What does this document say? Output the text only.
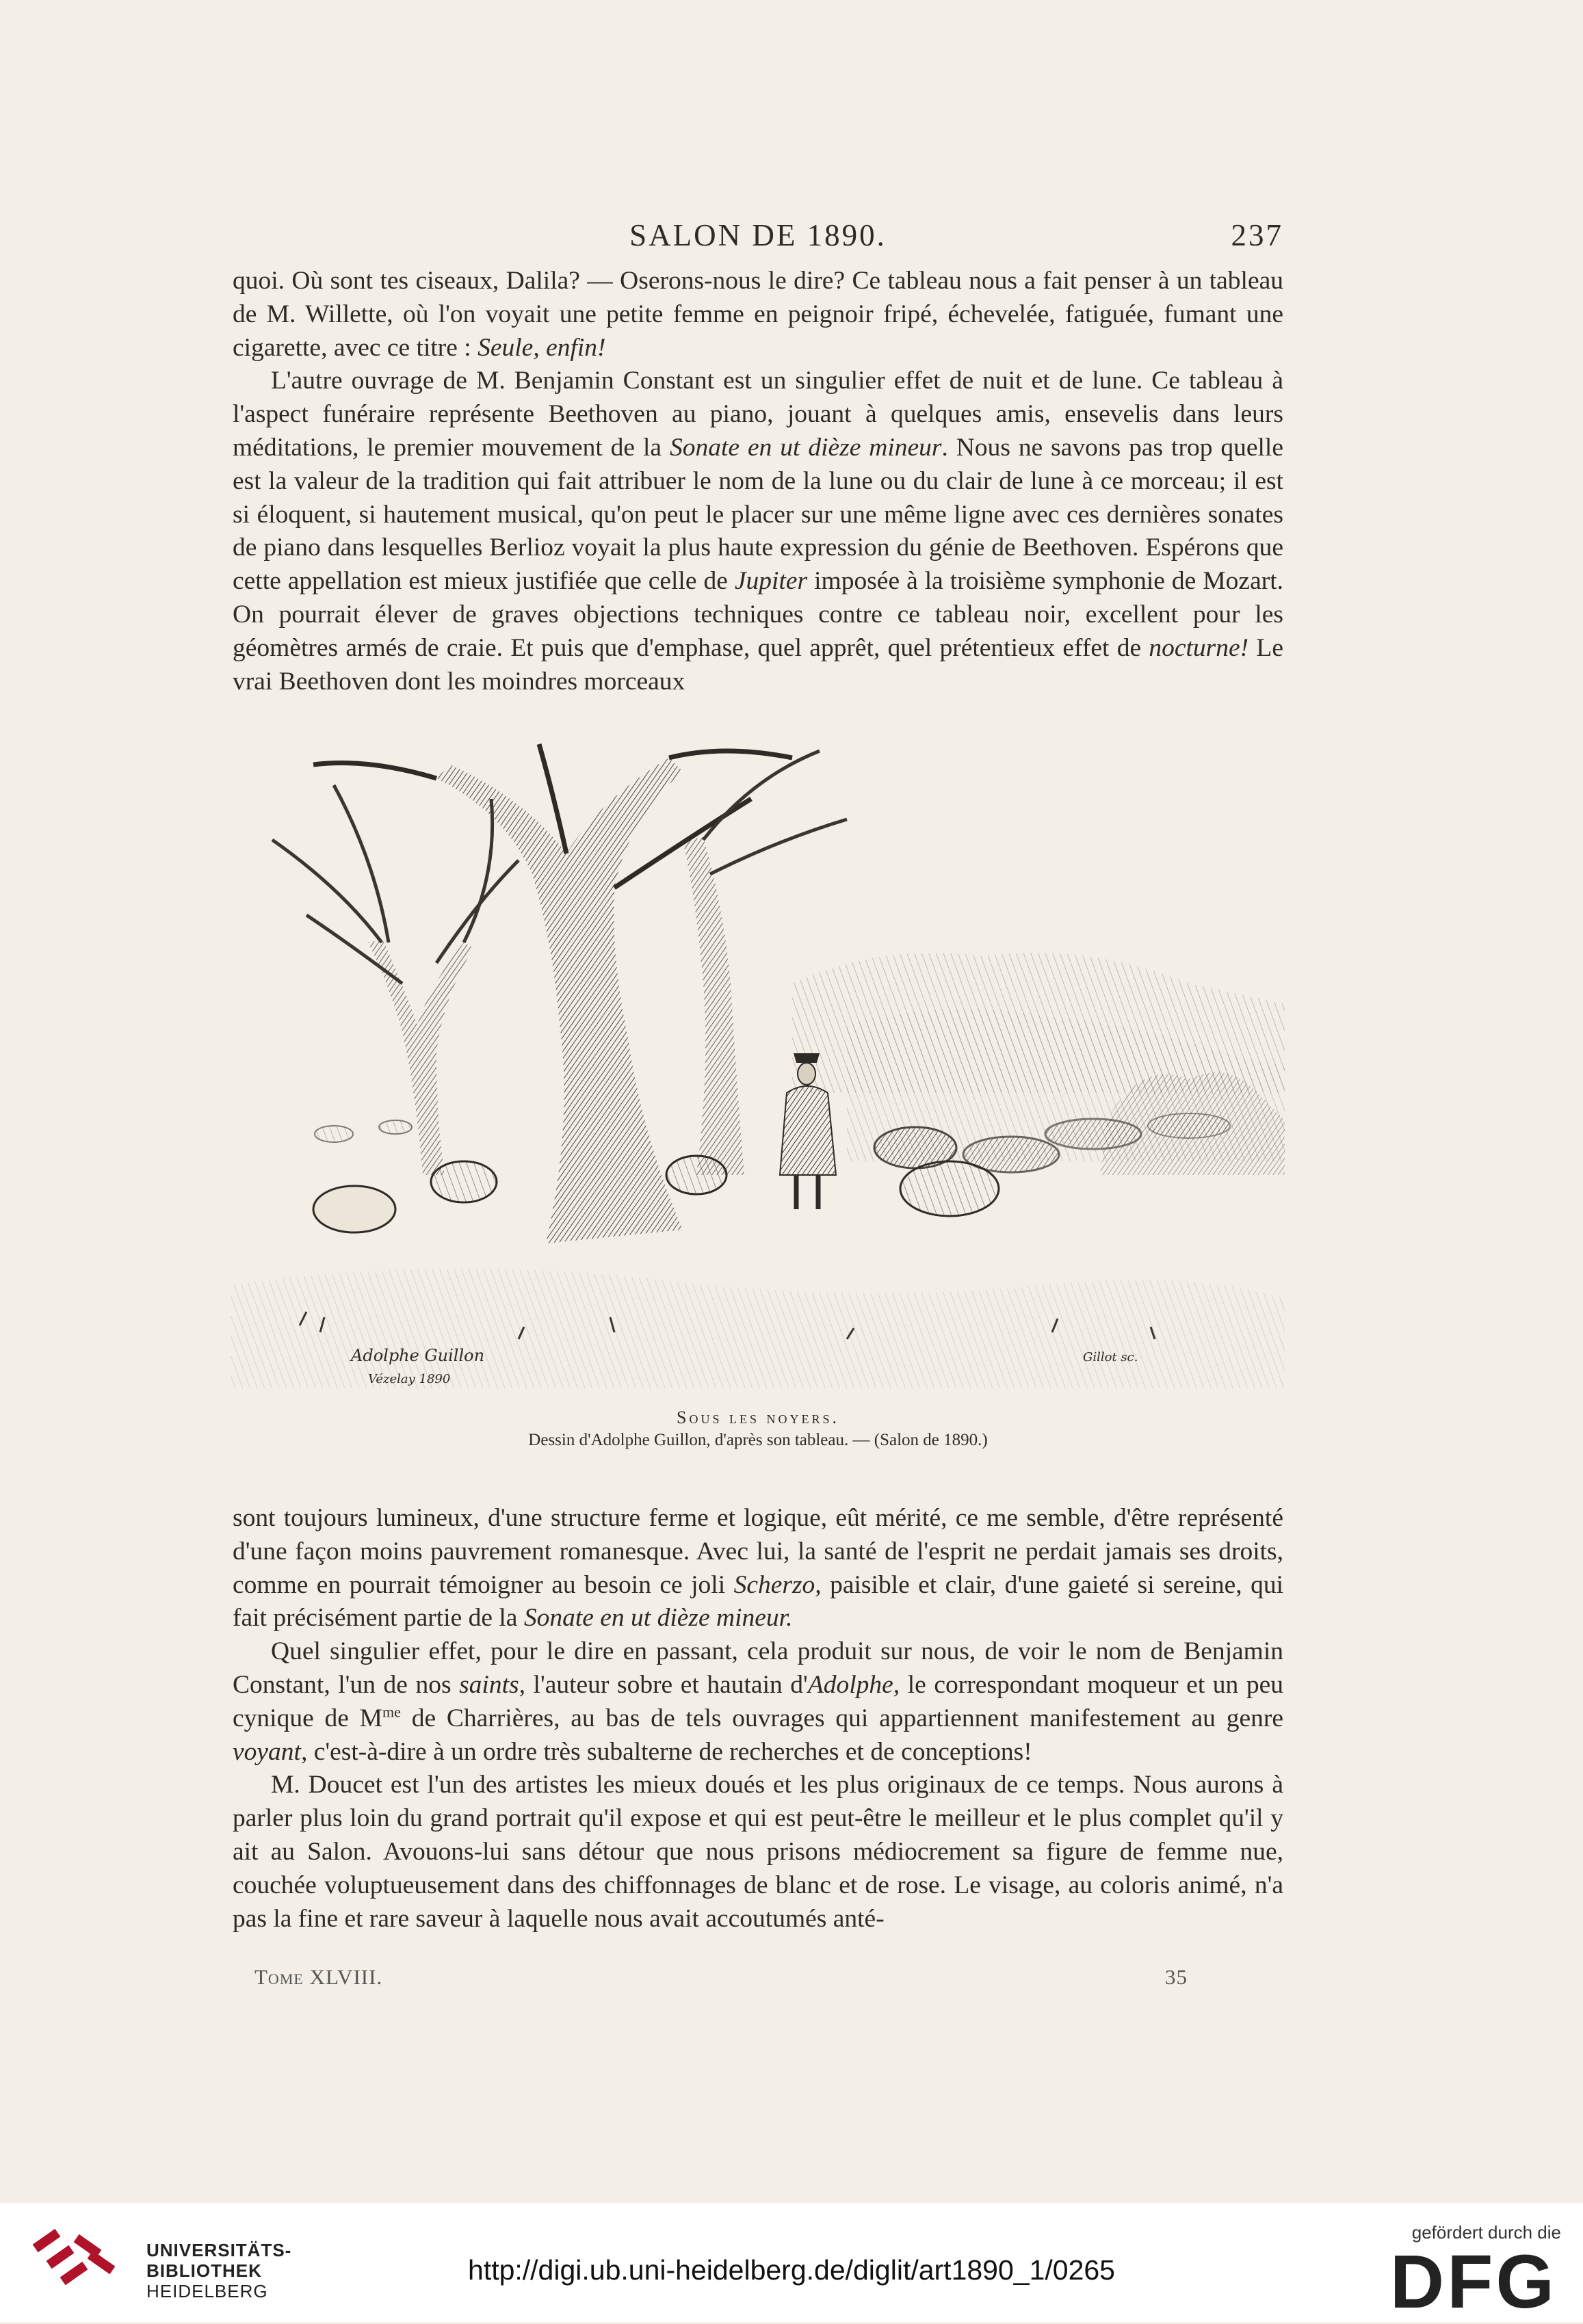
SALON DE 1890.	237

quoi. Où sont tes ciseaux, Dalila? — Oserons-nous le dire? Ce tableau nous a fait penser à un tableau de M. Willette, où l'on voyait une petite femme en peignoir fripé, échevelée, fatiguée, fumant une cigarette, avec ce titre : Seule, enfin!

L'autre ouvrage de M. Benjamin Constant est un singulier effet de nuit et de lune. Ce tableau à l'aspect funéraire représente Beethoven au piano, jouant à quelques amis, ensevelis dans leurs méditations, le premier mouvement de la Sonate en ut dièze mineur. Nous ne savons pas trop quelle est la valeur de la tradition qui fait attribuer le nom de la lune ou du clair de lune à ce morceau; il est si éloquent, si hautement musical, qu'on peut le placer sur une même ligne avec ces dernières sonates de piano dans lesquelles Berlioz voyait la plus haute expression du génie de Beethoven. Espérons que cette appellation est mieux justifiée que celle de Jupiter imposée à la troisième symphonie de Mozart. On pourrait élever de graves objections techniques contre ce tableau noir, excellent pour les géomètres armés de craie. Et puis que d'emphase, quel apprêt, quel prétentieux effet de nocturne! Le vrai Beethoven dont les moindres morceaux

Adolphe Guillon
Vézelay 1890
Gillot sc.
Sous les noyers.
Dessin d'Adolphe Guillon, d'après son tableau. — (Salon de 1890.)

sont toujours lumineux, d'une structure ferme et logique, eût mérité, ce me semble, d'être représenté d'une façon moins pauvrement romanesque. Avec lui, la santé de l'esprit ne perdait jamais ses droits, comme en pourrait témoigner au besoin ce joli Scherzo, paisible et clair, d'une gaieté si sereine, qui fait précisément partie de la Sonate en ut dièze mineur.

Quel singulier effet, pour le dire en passant, cela produit sur nous, de voir le nom de Benjamin Constant, l'un de nos saints, l'auteur sobre et hautain d'Adolphe, le correspondant moqueur et un peu cynique de $M^{me}$ de Charrières, au bas de tels ouvrages qui appartiennent manifestement au genre voyant, c'est-à-dire à un ordre très subalterne de recherches et de conceptions!

M. Doucet est l'un des artistes les mieux doués et les plus originaux de ce temps. Nous aurons à parler plus loin du grand portrait qu'il expose et qui est peut-être le meilleur et le plus complet qu'il y ait au Salon. Avouons-lui sans détour que nous prisons médiocrement sa figure de femme nue, couchée voluptueusement dans des chiffonnages de blanc et de rose. Le visage, au coloris animé, n'a pas la fine et rare saveur à laquelle nous avait accoutumés anté-

Tome XLVIII.	35
UNIVERSITÄTS-
BIBLIOTHEK
HEIDELBERG
http://digi.ub.uni-heidelberg.de/diglit/art1890_1/0265
gefördert durch die
DFG
